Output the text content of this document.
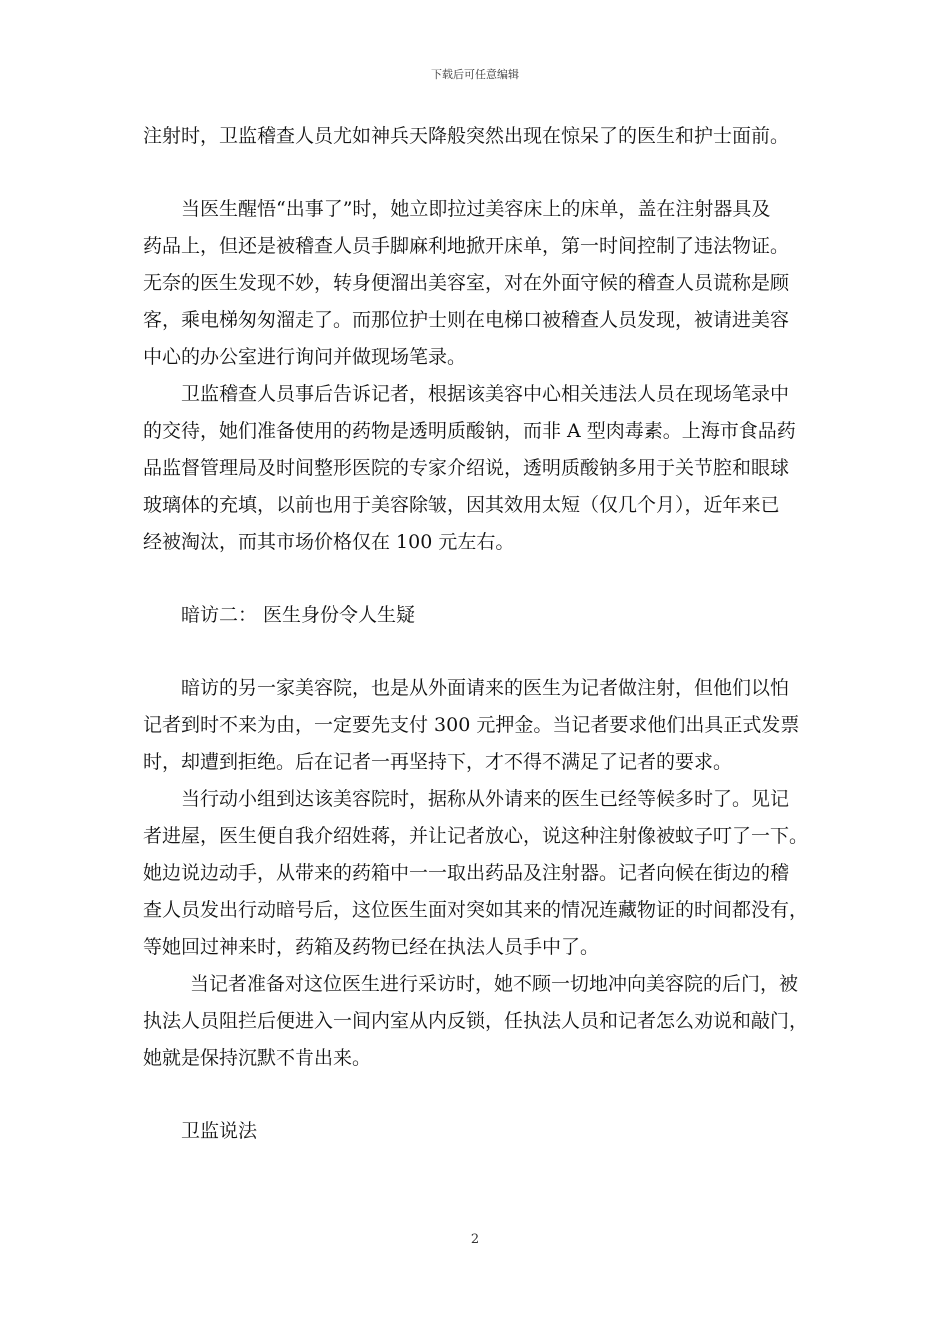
下载后可任意编辑
注射时，卫监稽查人员尤如神兵天降般突然出现在惊呆了的医生和护士面前。
当医生醒悟“出事了”时，她立即拉过美容床上的床单，盖在注射器具及
药品上，但还是被稽查人员手脚麻利地掀开床单，第一时间控制了违法物证。
无奈的医生发现不妙，转身便溜出美容室，对在外面守候的稽查人员谎称是顾
客，乘电梯匆匆溜走了。而那位护士则在电梯口被稽查人员发现，被请进美容
中心的办公室进行询问并做现场笔录。
卫监稽查人员事后告诉记者，根据该美容中心相关违法人员在现场笔录中
的交待，她们准备使用的药物是透明质酸钠，而非 A 型肉毒素。上海市食品药
品监督管理局及时间整形医院的专家介绍说，透明质酸钠多用于关节腔和眼球
玻璃体的充填，以前也用于美容除皱，因其效用太短（仅几个月），近年来已
经被淘汰，而其市场价格仅在 100 元左右。
暗访二： 医生身份令人生疑
暗访的另一家美容院，也是从外面请来的医生为记者做注射，但他们以怕
记者到时不来为由，一定要先支付 300 元押金。当记者要求他们出具正式发票
时，却遭到拒绝。后在记者一再坚持下，才不得不满足了记者的要求。
当行动小组到达该美容院时，据称从外请来的医生已经等候多时了。见记
者进屋，医生便自我介绍姓蒋，并让记者放心，说这种注射像被蚊子叮了一下。
她边说边动手，从带来的药箱中一一取出药品及注射器。记者向候在街边的稽
查人员发出行动暗号后，这位医生面对突如其来的情况连藏物证的时间都没有，
等她回过神来时，药箱及药物已经在执法人员手中了。
当记者准备对这位医生进行采访时，她不顾一切地冲向美容院的后门，被
执法人员阻拦后便进入一间内室从内反锁，任执法人员和记者怎么劝说和敲门，
她就是保持沉默不肯出来。
卫监说法
2
